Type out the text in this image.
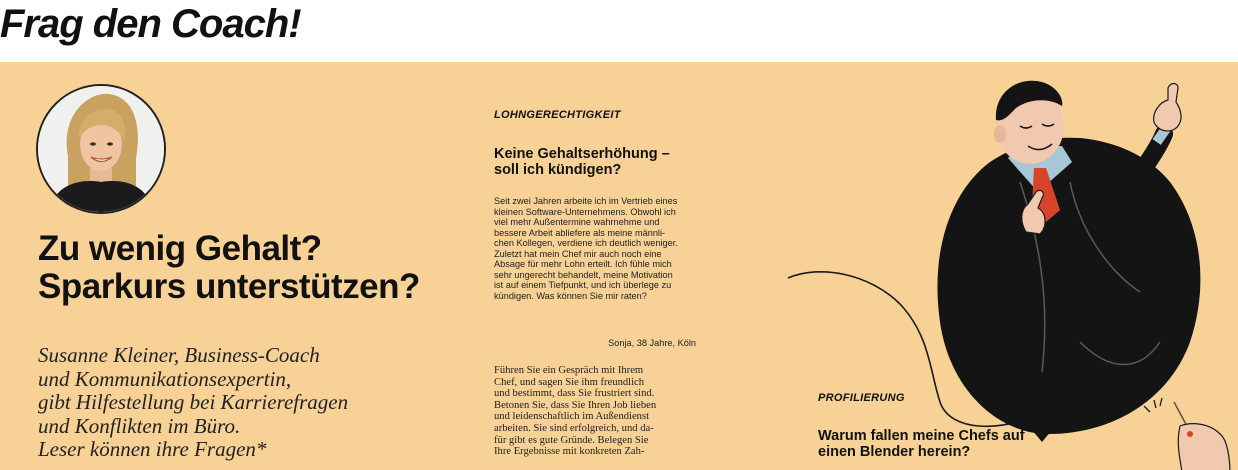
Frag den Coach!
Zu wenig Gehalt?
Sparkurs unterstützen?
Susanne Kleiner, Business-Coach
und Kommunikationsexpertin,
gibt Hilfestellung bei Karrierefragen
und Konflikten im Büro.
Leser können ihre Fragen*
LOHNGERECHTIGKEIT
Keine Gehaltserhöhung –
soll ich kündigen?
Seit zwei Jahren arbeite ich im Vertrieb eines
kleinen Software-Unternehmens. Obwohl ich
viel mehr Außentermine wahrnehme und
bessere Arbeit abliefere als meine männli-
chen Kollegen, verdiene ich deutlich weniger.
Zuletzt hat mein Chef mir auch noch eine
Absage für mehr Lohn erteilt. Ich fühle mich
sehr ungerecht behandelt, meine Motivation
ist auf einem Tiefpunkt, und ich überlege zu
kündigen. Was können Sie mir raten?
Sonja, 38 Jahre, Köln
Führen Sie ein Gespräch mit Ihrem
Chef, und sagen Sie ihm freundlich
und bestimmt, dass Sie frustriert sind.
Betonen Sie, dass Sie Ihren Job lieben
und leidenschaftlich im Außendienst
arbeiten. Sie sind erfolgreich, und da-
für gibt es gute Gründe. Belegen Sie
Ihre Ergebnisse mit konkreten Zah-
PROFILIERUNG
Warum fallen meine Chefs auf
einen Blender herein?
